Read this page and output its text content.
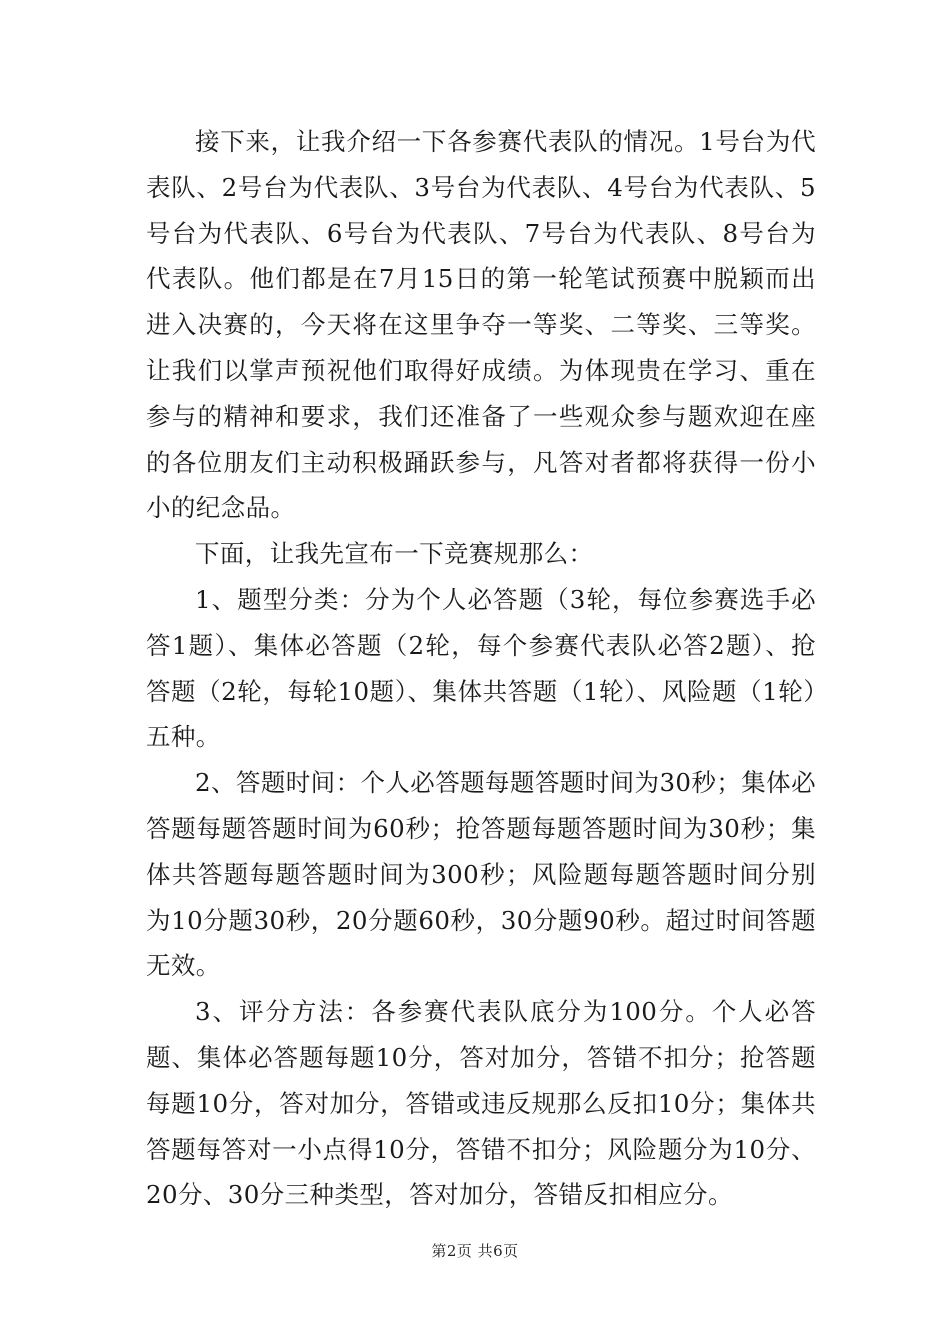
接下来，让我介绍一下各参赛代表队的情况。1号台为代表队、2号台为代表队、3号台为代表队、4号台为代表队、5号台为代表队、6号台为代表队、7号台为代表队、8号台为代表队。他们都是在7月15日的第一轮笔试预赛中脱颖而出进入决赛的，今天将在这里争夺一等奖、二等奖、三等奖。让我们以掌声预祝他们取得好成绩。为体现贵在学习、重在参与的精神和要求，我们还准备了一些观众参与题欢迎在座的各位朋友们主动积极踊跃参与，凡答对者都将获得一份小小的纪念品。

下面，让我先宣布一下竞赛规那么：

1、题型分类：分为个人必答题（3轮，每位参赛选手必答1题）、集体必答题（2轮，每个参赛代表队必答2题）、抢答题（2轮，每轮10题）、集体共答题（1轮）、风险题（1轮）五种。

2、答题时间：个人必答题每题答题时间为30秒；集体必答题每题答题时间为60秒；抢答题每题答题时间为30秒；集体共答题每题答题时间为300秒；风险题每题答题时间分别为10分题30秒，20分题60秒，30分题90秒。超过时间答题无效。

3、评分方法：各参赛代表队底分为100分。个人必答题、集体必答题每题10分，答对加分，答错不扣分；抢答题每题10分，答对加分，答错或违反规那么反扣10分；集体共答题每答对一小点得10分，答错不扣分；风险题分为10分、20分、30分三种类型，答对加分，答错反扣相应分。

第2页 共6页
